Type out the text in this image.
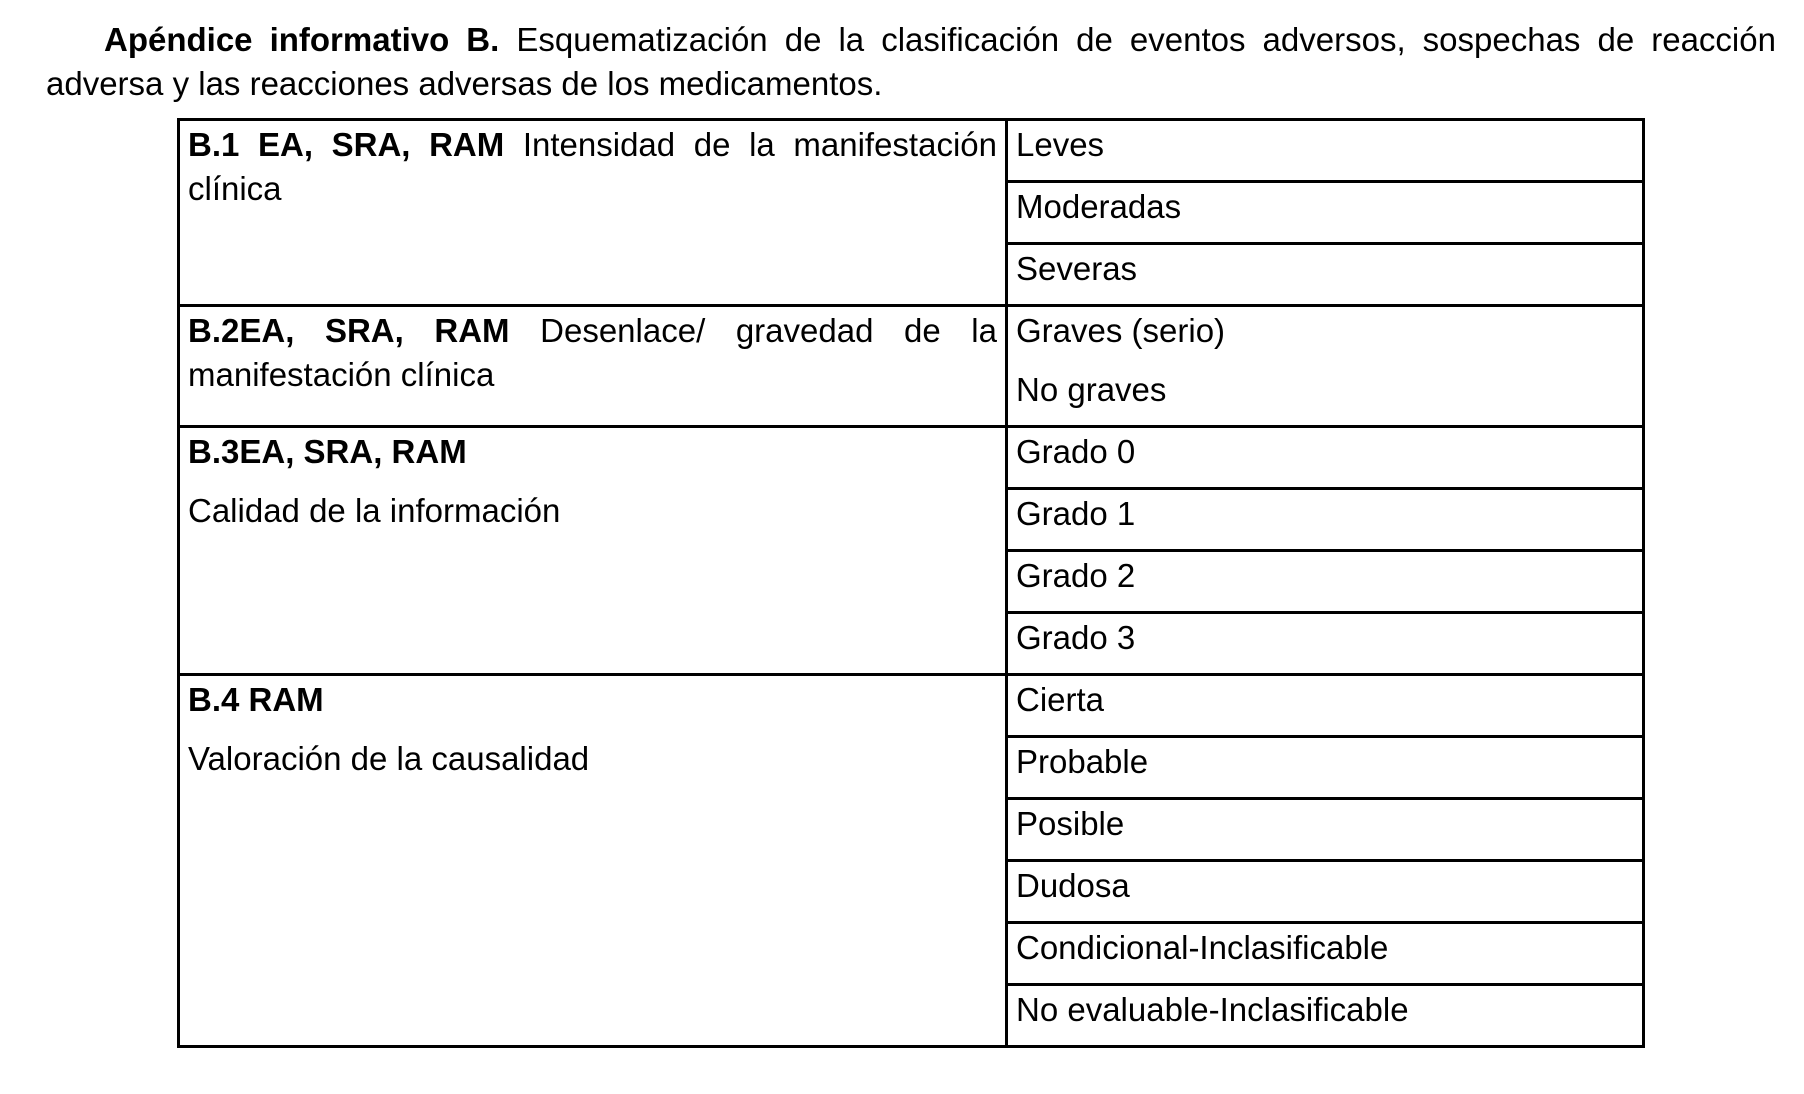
Apéndice informativo B. Esquematización de la clasificación de eventos adversos, sospechas de reacción adversa y las reacciones adversas de los medicamentos.

B.1 EA, SRA, RAM Intensidad de la manifestación clínica	Leves
	Moderadas
	Severas
B.2EA, SRA, RAM Desenlace/ gravedad de la manifestación clínica	Graves (serio)
No graves

B.3EA, SRA, RAM
Calidad de la información	Grado 0
	Grado 1
	Grado 2
	Grado 3
B.4 RAM
Valoración de la causalidad	Cierta
	Probable
	Posible
	Dudosa
	Condicional-Inclasificable
	No evaluable-Inclasificable
